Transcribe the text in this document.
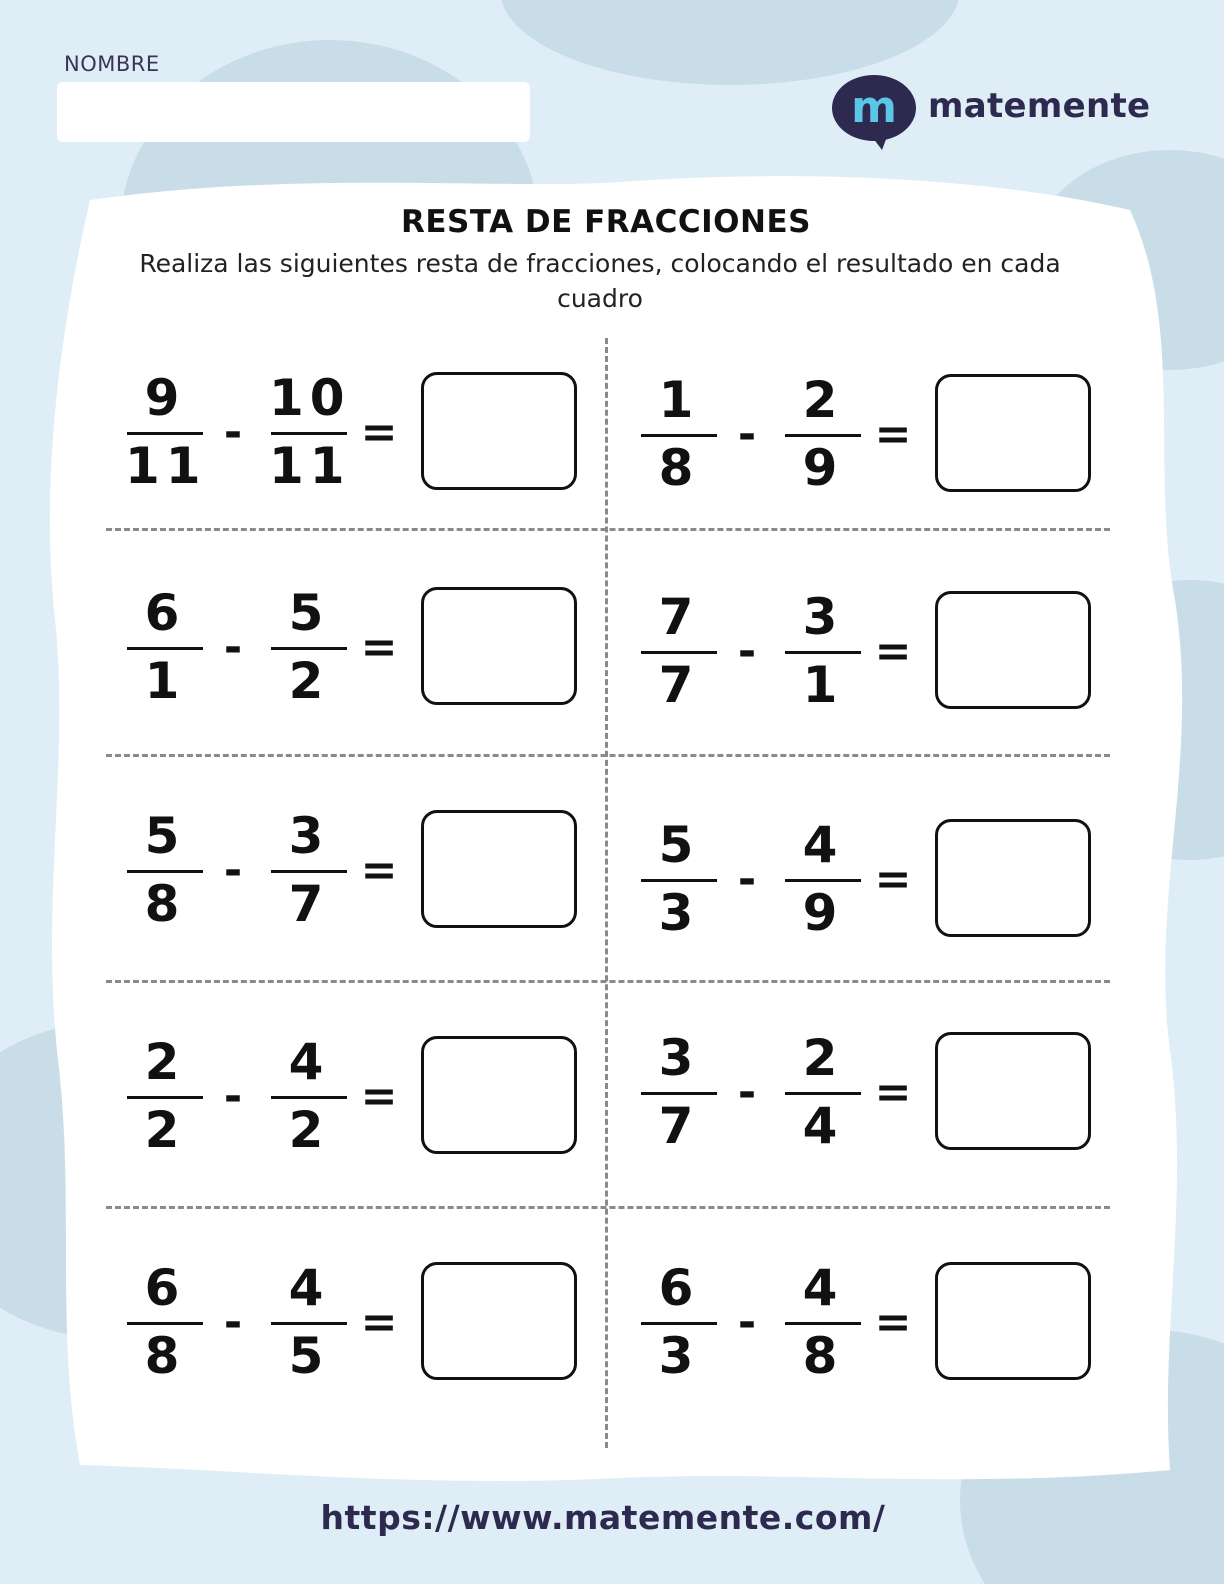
NOMBRE
m matemente
RESTA DE FRACCIONES
Realiza las siguientes resta de fracciones, colocando el resultado en cada cuadro
9
11
-
10
11
=
1
8
-
2
9
=
6
1
-
5
2
=
7
7
-
3
1
=
5
8
-
3
7
=	5
3
-
4
9
=
2
2
-
4
2
=
3
7
-
2
4
=
6
8
-
4
5
=
6
3
-
4
8
=
https://www.matemente.com/
